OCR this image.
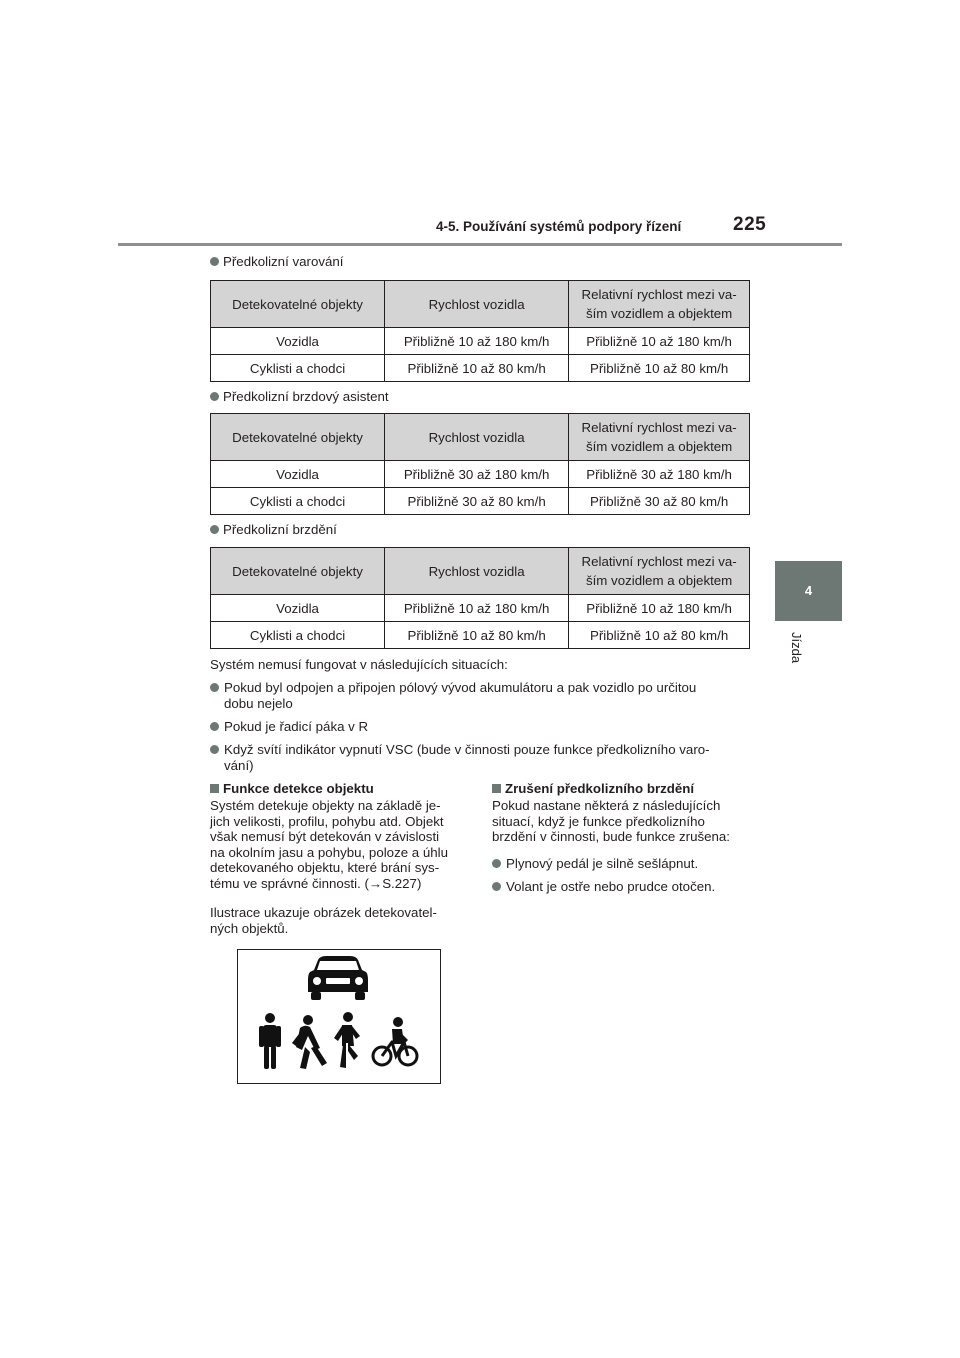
4-5. Používání systémů podpory řízení	225
4
Jízda
Předkolizní varování
Detekovatelné objekty	Rychlost vozidla	Relativní rychlost mezi va-
ším vozidlem a objektem
Vozidla	Přibližně 10 až 180 km/h	Přibližně 10 až 180 km/h
Cyklisti a chodci	Přibližně 10 až 80 km/h	Přibližně 10 až 80 km/h
Předkolizní brzdový asistent
Detekovatelné objekty	Rychlost vozidla	Relativní rychlost mezi va-
ším vozidlem a objektem
Vozidla	Přibližně 30 až 180 km/h	Přibližně 30 až 180 km/h
Cyklisti a chodci	Přibližně 30 až 80 km/h	Přibližně 30 až 80 km/h
Předkolizní brzdění
Detekovatelné objekty	Rychlost vozidla	Relativní rychlost mezi va-
ším vozidlem a objektem
Vozidla	Přibližně 10 až 180 km/h	Přibližně 10 až 180 km/h
Cyklisti a chodci	Přibližně 10 až 80 km/h	Přibližně 10 až 80 km/h
Systém nemusí fungovat v následujících situacích:
Pokud byl odpojen a připojen pólový vývod akumulátoru a pak vozidlo po určitou
dobu nejelo
Pokud je řadicí páka v R
Když svítí indikátor vypnutí VSC (bude v činnosti pouze funkce předkolizního varo-
vání)
Funkce detekce objektu
Systém detekuje objekty na základě je-
jich velikosti, profilu, pohybu atd. Objekt
však nemusí být detekován v závislosti
na okolním jasu a pohybu, poloze a úhlu
detekovaného objektu, které brání sys-
tému ve správné činnosti. (→S.227)
Ilustrace ukazuje obrázek detekovatel-
ných objektů.
Zrušení předkolizního brzdění
Pokud nastane některá z následujících
situací, když je funkce předkolizního
brzdění v činnosti, bude funkce zrušena:
Plynový pedál je silně sešlápnut.
Volant je ostře nebo prudce otočen.
